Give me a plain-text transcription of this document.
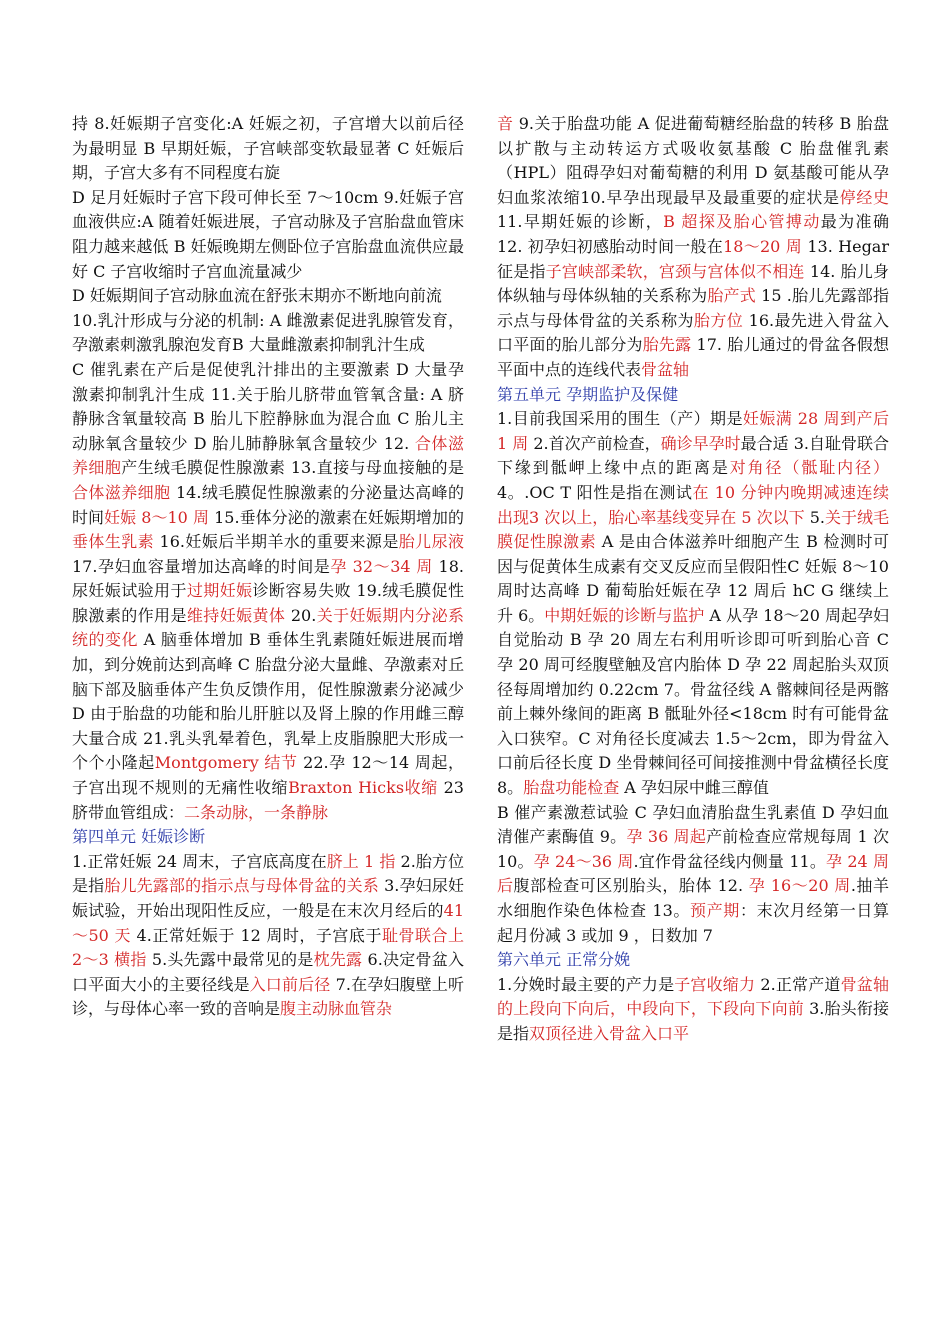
持 8.妊娠期子宫变化:A 妊娠之初，子宫增大以前后径为最明显 B 早期妊娠，子宫峡部变软最显著 C 妊娠后期，子宫大多有不同程度右旋

D 足月妊娠时子宫下段可伸长至 7～10cm 9.妊娠子宫血液供应:A 随着妊娠进展，子宫动脉及子宫胎盘血管床阻力越来越低 B 妊娠晚期左侧卧位子宫胎盘血流供应最好 C 子宫收缩时子宫血流量减少

D 妊娠期间子宫动脉血流在舒张末期亦不断地向前流

10.乳汁形成与分泌的机制: A 雌激素促进乳腺管发育，孕激素刺激乳腺泡发育B 大量雌激素抑制乳汁生成

C 催乳素在产后是促使乳汁排出的主要激素 D 大量孕激素抑制乳汁生成 11.关于胎儿脐带血管氧含量: A 脐静脉含氧量较高 B 胎儿下腔静脉血为混合血 C 胎儿主动脉氧含量较少 D 胎儿肺静脉氧含量较少 12. 合体滋养细胞产生绒毛膜促性腺激素 13.直接与母血接触的是合体滋养细胞 14.绒毛膜促性腺激素的分泌量达高峰的时间妊娠 8～10 周 15.垂体分泌的激素在妊娠期增加的垂体生乳素 16.妊娠后半期羊水的重要来源是胎儿尿液 17.孕妇血容量增加达高峰的时间是孕 32～34 周 18.尿妊娠试验用于过期妊娠诊断容易失败 19.绒毛膜促性腺激素的作用是维持妊娠黄体 20.关于妊娠期内分泌系统的变化 A 脑垂体增加 B 垂体生乳素随妊娠进展而增加，到分娩前达到高峰 C 胎盘分泌大量雌、孕激素对丘脑下部及脑垂体产生负反馈作用，促性腺激素分泌减少 D 由于胎盘的功能和胎儿肝脏以及肾上腺的作用雌三醇大量合成 21.乳头乳晕着色，乳晕上皮脂腺肥大形成一个个小隆起Montgomery 结节 22.孕 12～14 周起，子宫出现不规则的无痛性收缩Braxton Hicks收缩 23 脐带血管组成：二条动脉，一条静脉

第四单元 妊娠诊断

1.正常妊娠 24 周末，子宫底高度在脐上 1 指 2.胎方位是指胎儿先露部的指示点与母体骨盆的关系 3.孕妇尿妊娠试验，开始出现阳性反应，一般是在末次月经后的41～50 天 4.正常妊娠于 12 周时，子宫底于耻骨联合上 2～3 横指 5.头先露中最常见的是枕先露 6.决定骨盆入口平面大小的主要径线是入口前后径 7.在孕妇腹壁上听诊，与母体心率一致的音响是腹主动脉血管杂

音 9.关于胎盘功能 A 促进葡萄糖经胎盘的转移 B 胎盘以扩散与主动转运方式吸收氨基酸 C 胎盘催乳素（HPL）阻碍孕妇对葡萄糖的利用 D 氨基酸可能从孕妇血浆浓缩10.早孕出现最早及最重要的症状是停经史 11.早期妊娠的诊断，B 超探及胎心管搏动最为准确 12. 初孕妇初感胎动时间一般在18～20 周 13. Hegar 征是指子宫峡部柔软，宫颈与宫体似不相连 14. 胎儿身体纵轴与母体纵轴的关系称为胎产式 15 .胎儿先露部指示点与母体骨盆的关系称为胎方位 16.最先进入骨盆入口平面的胎儿部分为胎先露 17. 胎儿通过的骨盆各假想平面中点的连线代表骨盆轴

第五单元 孕期监护及保健

1.目前我国采用的围生（产）期是妊娠满 28 周到产后 1 周 2.首次产前检查，确诊早孕时最合适 3.自耻骨联合下缘到骶岬上缘中点的距离是对角径（骶耻内径）4。.OC T 阳性是指在测试在 10 分钟内晚期减速连续出现3 次以上，胎心率基线变异在 5 次以下 5.关于绒毛膜促性腺激素 A 是由合体滋养叶细胞产生 B 检测时可因与促黄体生成素有交叉反应而呈假阳性C 妊娠 8～10 周时达高峰 D 葡萄胎妊娠在孕 12 周后 hC G 继续上升 6。中期妊娠的诊断与监护 A 从孕 18～20 周起孕妇自觉胎动 B 孕 20 周左右利用听诊即可听到胎心音 C 孕 20 周可经腹壁触及宫内胎体 D 孕 22 周起胎头双顶径每周增加约 0.22cm 7。骨盆径线 A 髂棘间径是两髂前上棘外缘间的距离 B 骶耻外径<18cm 时有可能骨盆入口狭窄。C 对角径长度减去 1.5～2cm，即为骨盆入口前后径长度 D 坐骨棘间径可间接推测中骨盆横径长度 8。胎盘功能检查 A 孕妇尿中雌三醇值

B 催产素激惹试验 C 孕妇血清胎盘生乳素值 D 孕妇血清催产素酶值 9。孕 36 周起产前检查应常规每周 1 次 10。孕 24～36 周.宜作骨盆径线内侧量 11。孕 24 周后腹部检查可区别胎头，胎体 12. 孕 16～20 周.抽羊水细胞作染色体检查 13。预产期：末次月经第一日算起月份减 3 或加 9 ，日数加 7

第六单元 正常分娩

1.分娩时最主要的产力是子宫收缩力 2.正常产道骨盆轴的上段向下向后，中段向下，下段向下向前 3.胎头衔接是指双顶径进入骨盆入口平
